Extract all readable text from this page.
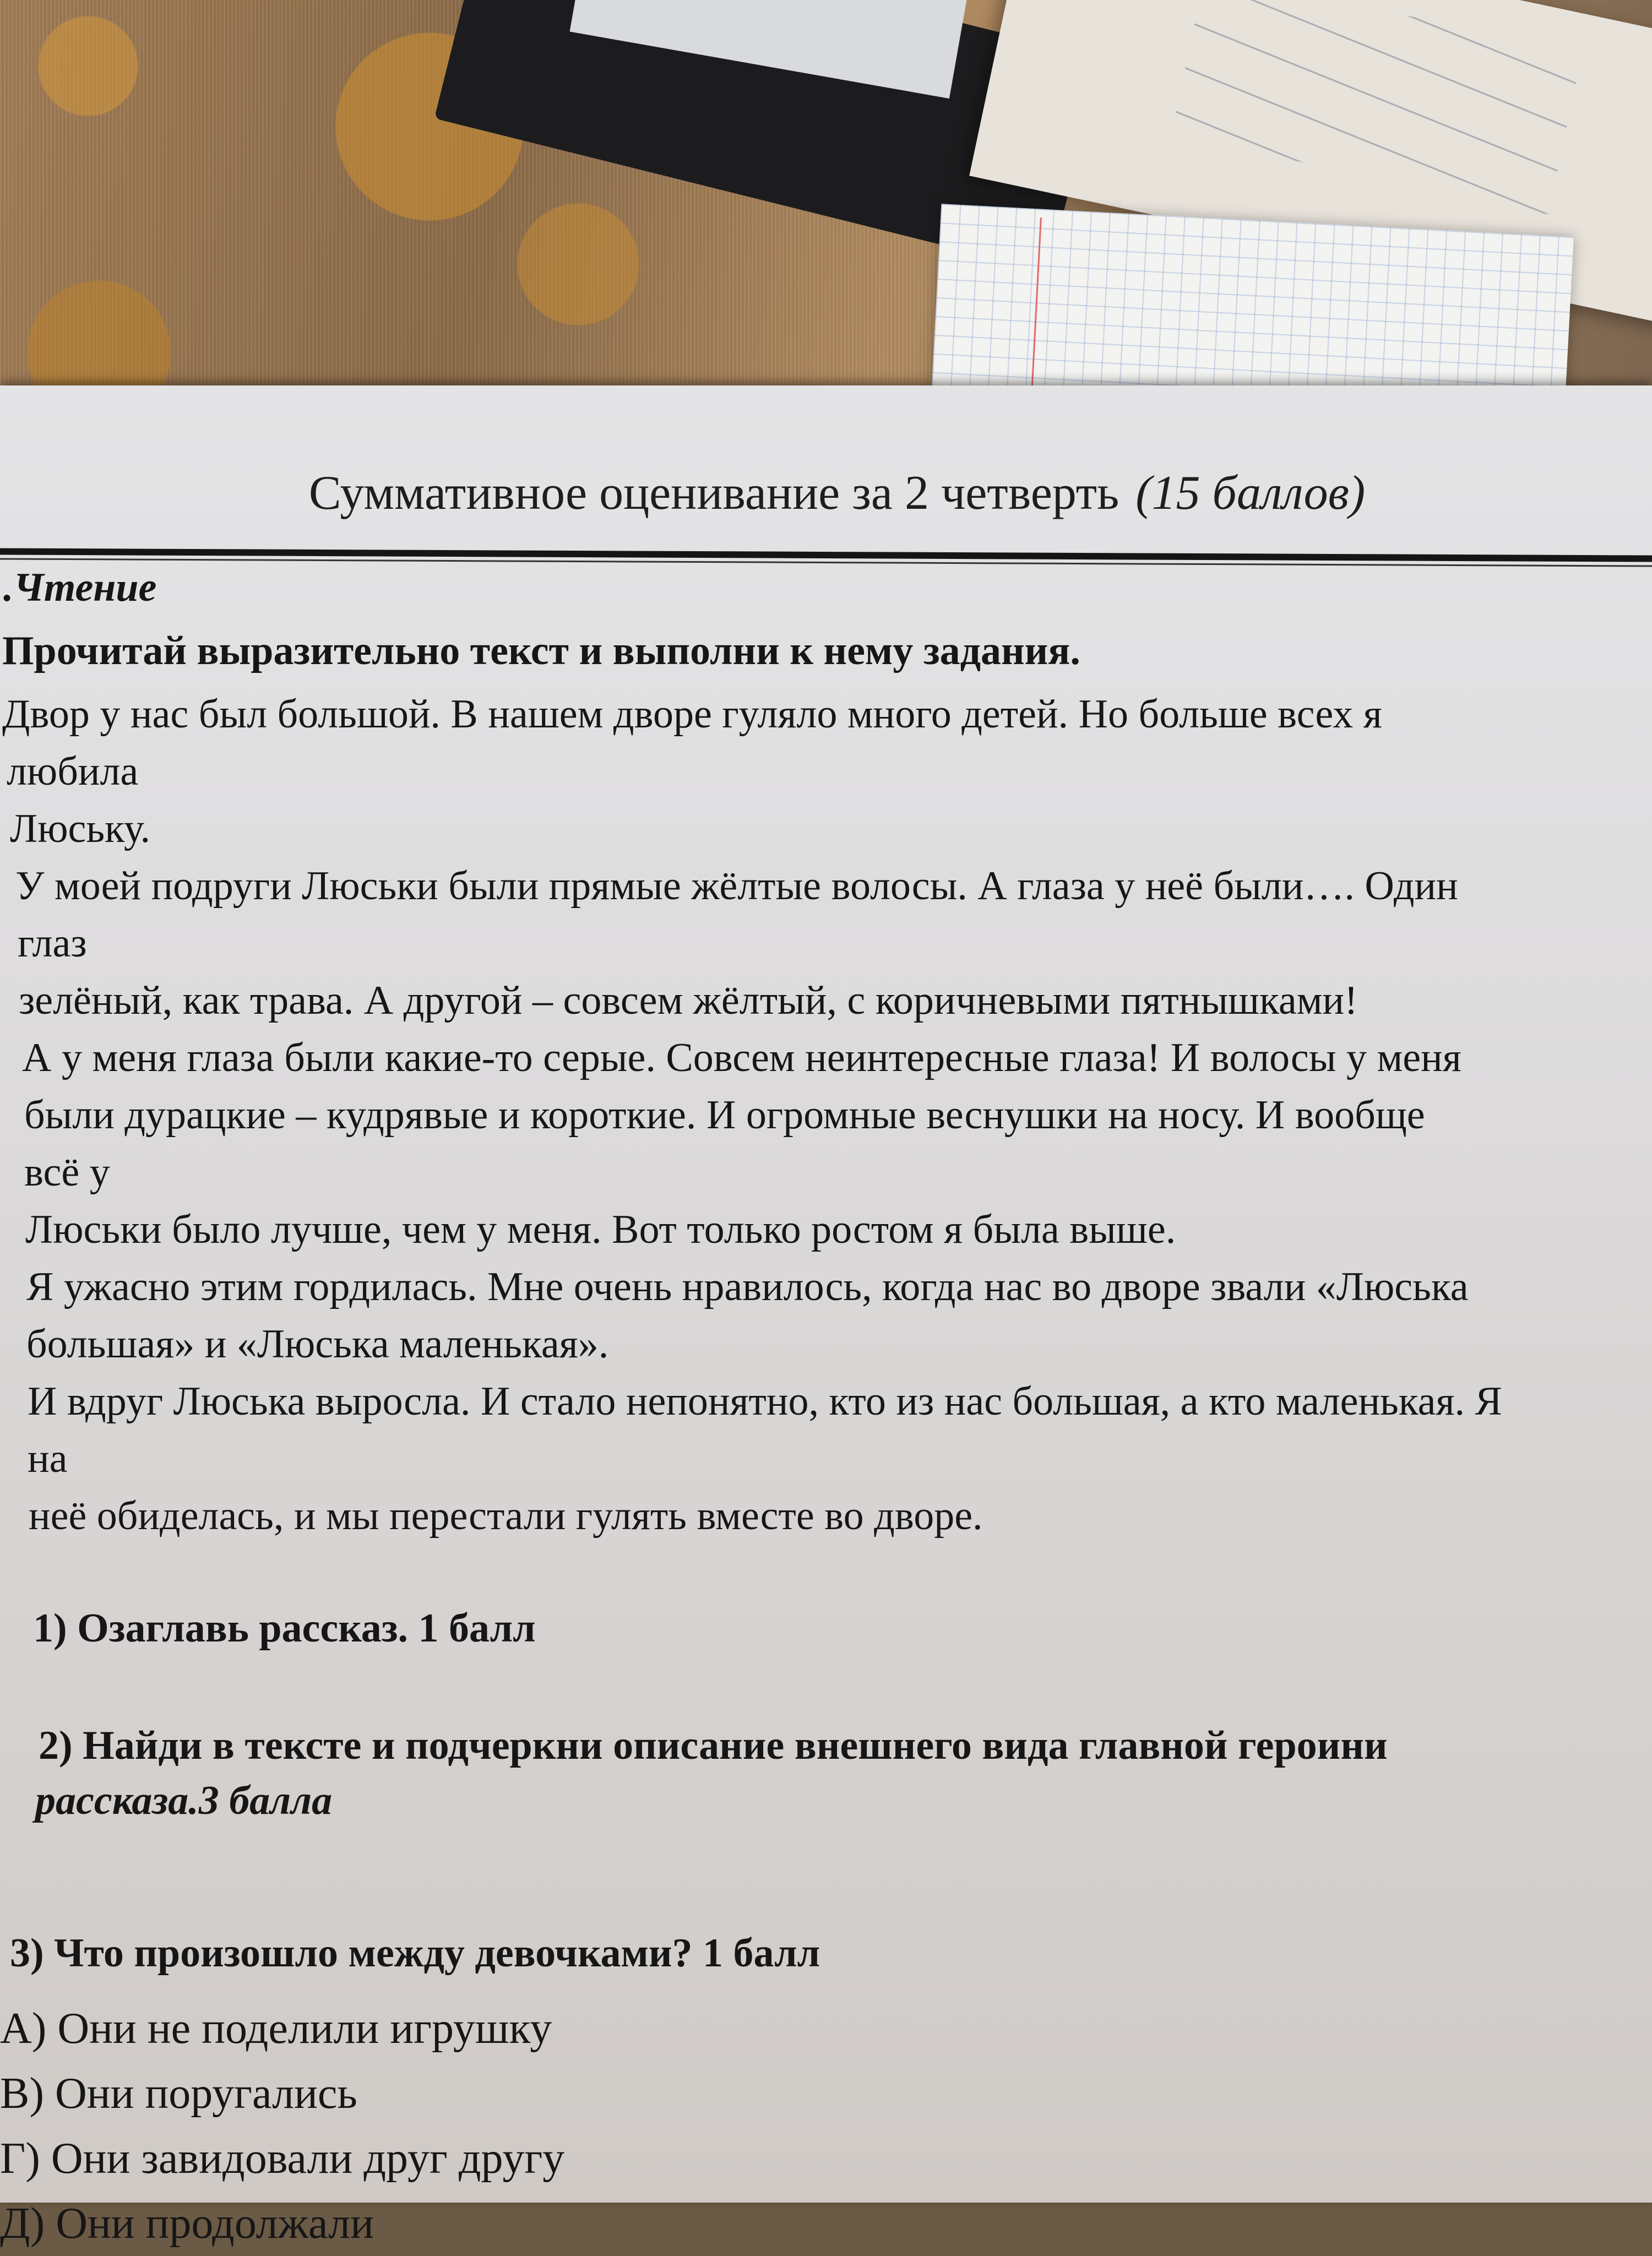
Суммативное оценивание за 2 четверть (15 баллов)
.Чтение
Прочитай выразительно текст и выполни к нему задания.
Двор у нас был большой. В нашем дворе гуляло много детей. Но больше всех я
любила
Люську.
У моей подруги Люськи были прямые жёлтые волосы. А глаза у неё были…. Один
глаз
зелёный, как трава. А другой – совсем жёлтый, с коричневыми пятнышками!
А у меня глаза были какие-то серые. Совсем неинтересные глаза! И волосы у меня
были дурацкие – кудрявые и короткие. И огромные веснушки на носу. И вообще
всё у
Люськи было лучше, чем у меня. Вот только ростом я была выше.
Я ужасно этим гордилась. Мне очень нравилось, когда нас во дворе звали «Люська
большая» и «Люська маленькая».
И вдруг Люська выросла. И стало непонятно, кто из нас большая, а кто маленькая. Я
на
неё обиделась, и мы перестали гулять вместе во дворе.
1) Озаглавь рассказ. 1 балл
2) Найди в тексте и подчеркни описание внешнего вида главной героини
рассказа.3 балла
3) Что произошло между девочками? 1 балл
А) Они не поделили игрушку
В) Они поругались
Г) Они завидовали друг другу
Д) Они продолжали
